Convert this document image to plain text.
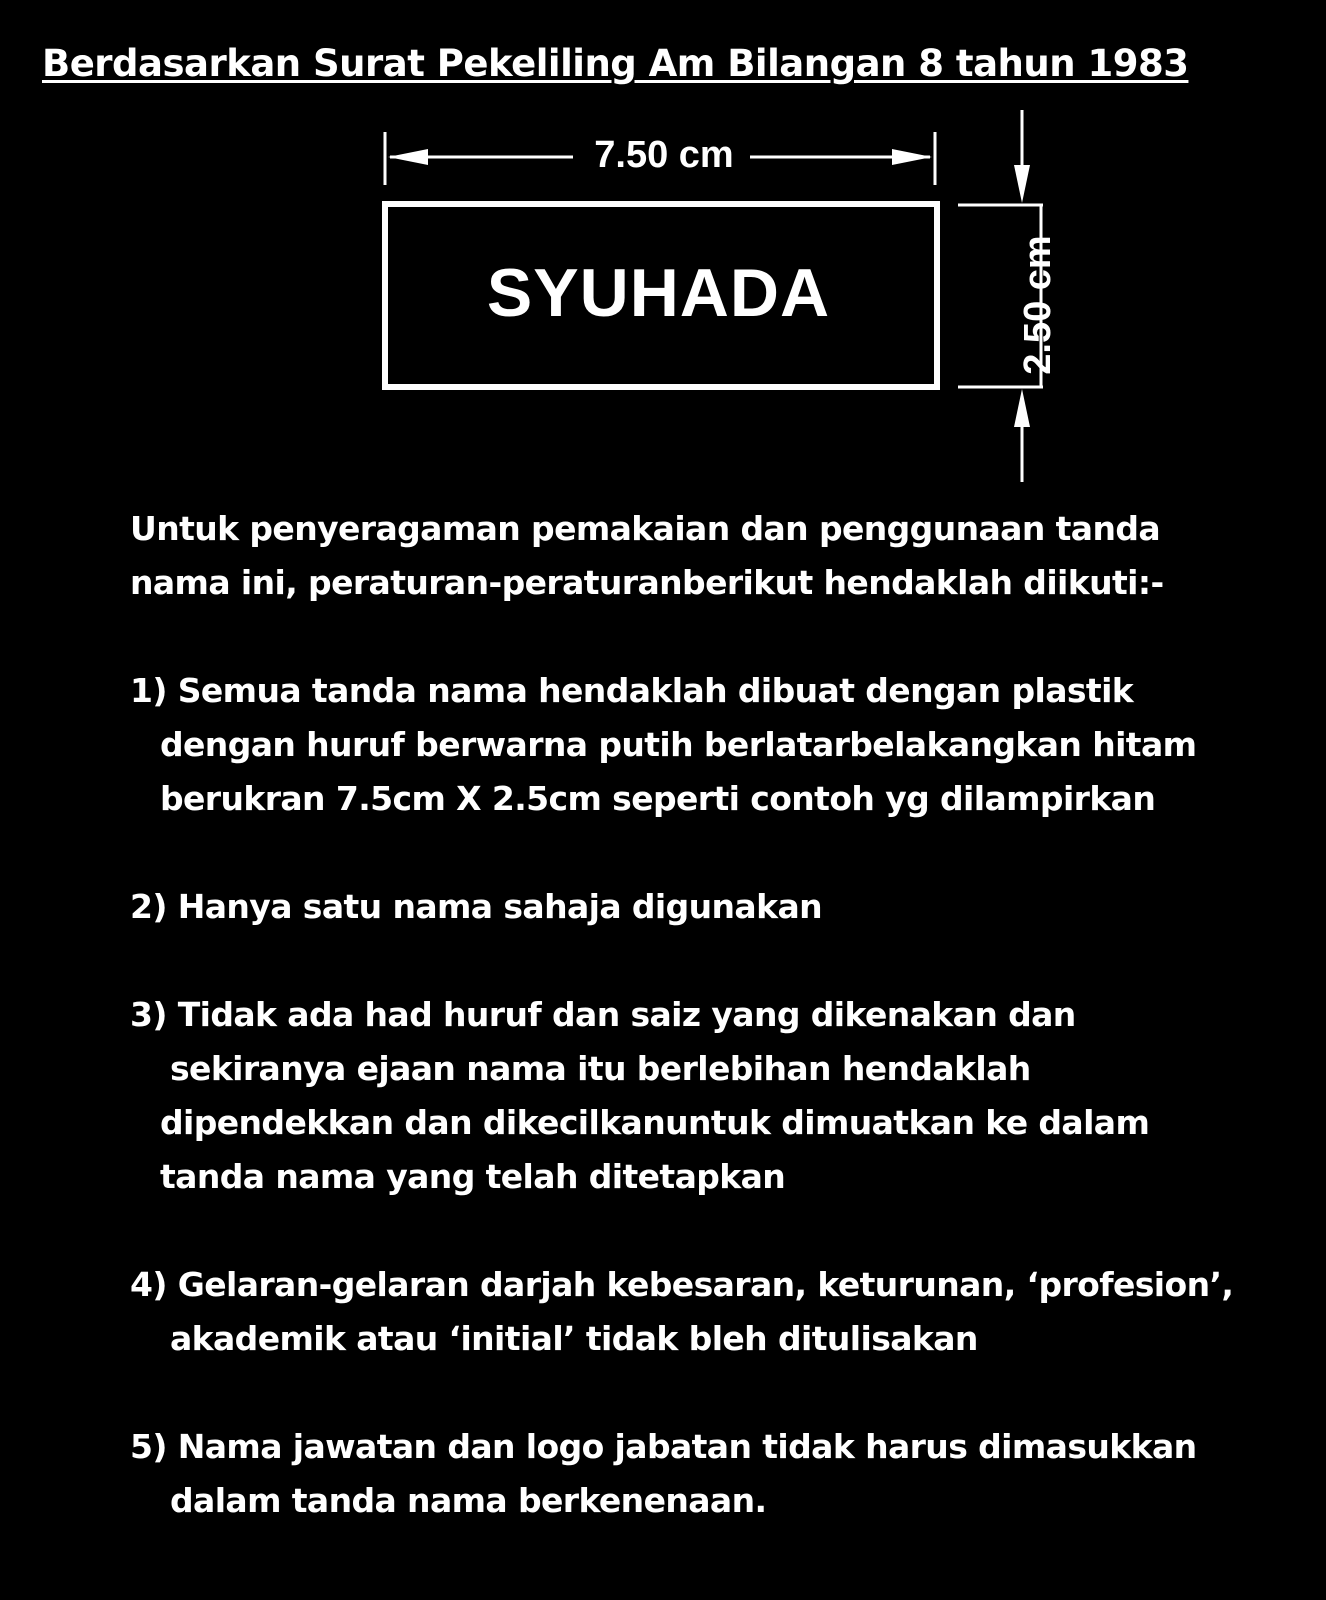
Berdasarkan Surat Pekeliling Am Bilangan 8 tahun 1983
7.50 cm
SYUHADA	2.50 cm
Untuk penyeragaman pemakaian dan penggunaan tanda
nama ini, peraturan-peraturanberikut hendaklah diikuti:-
1) Semua tanda nama hendaklah dibuat dengan plastik
dengan huruf berwarna putih berlatarbelakangkan hitam
berukran 7.5cm X 2.5cm seperti contoh yg dilampirkan
2) Hanya satu nama sahaja digunakan
3) Tidak ada had huruf dan saiz yang dikenakan dan
sekiranya ejaan nama itu berlebihan hendaklah
dipendekkan dan dikecilkanuntuk dimuatkan ke dalam
tanda nama yang telah ditetapkan
4) Gelaran-gelaran darjah kebesaran, keturunan, ‘profesion’,
akademik atau ‘initial’ tidak bleh ditulisakan
5) Nama jawatan dan logo jabatan tidak harus dimasukkan
dalam tanda nama berkenenaan.
